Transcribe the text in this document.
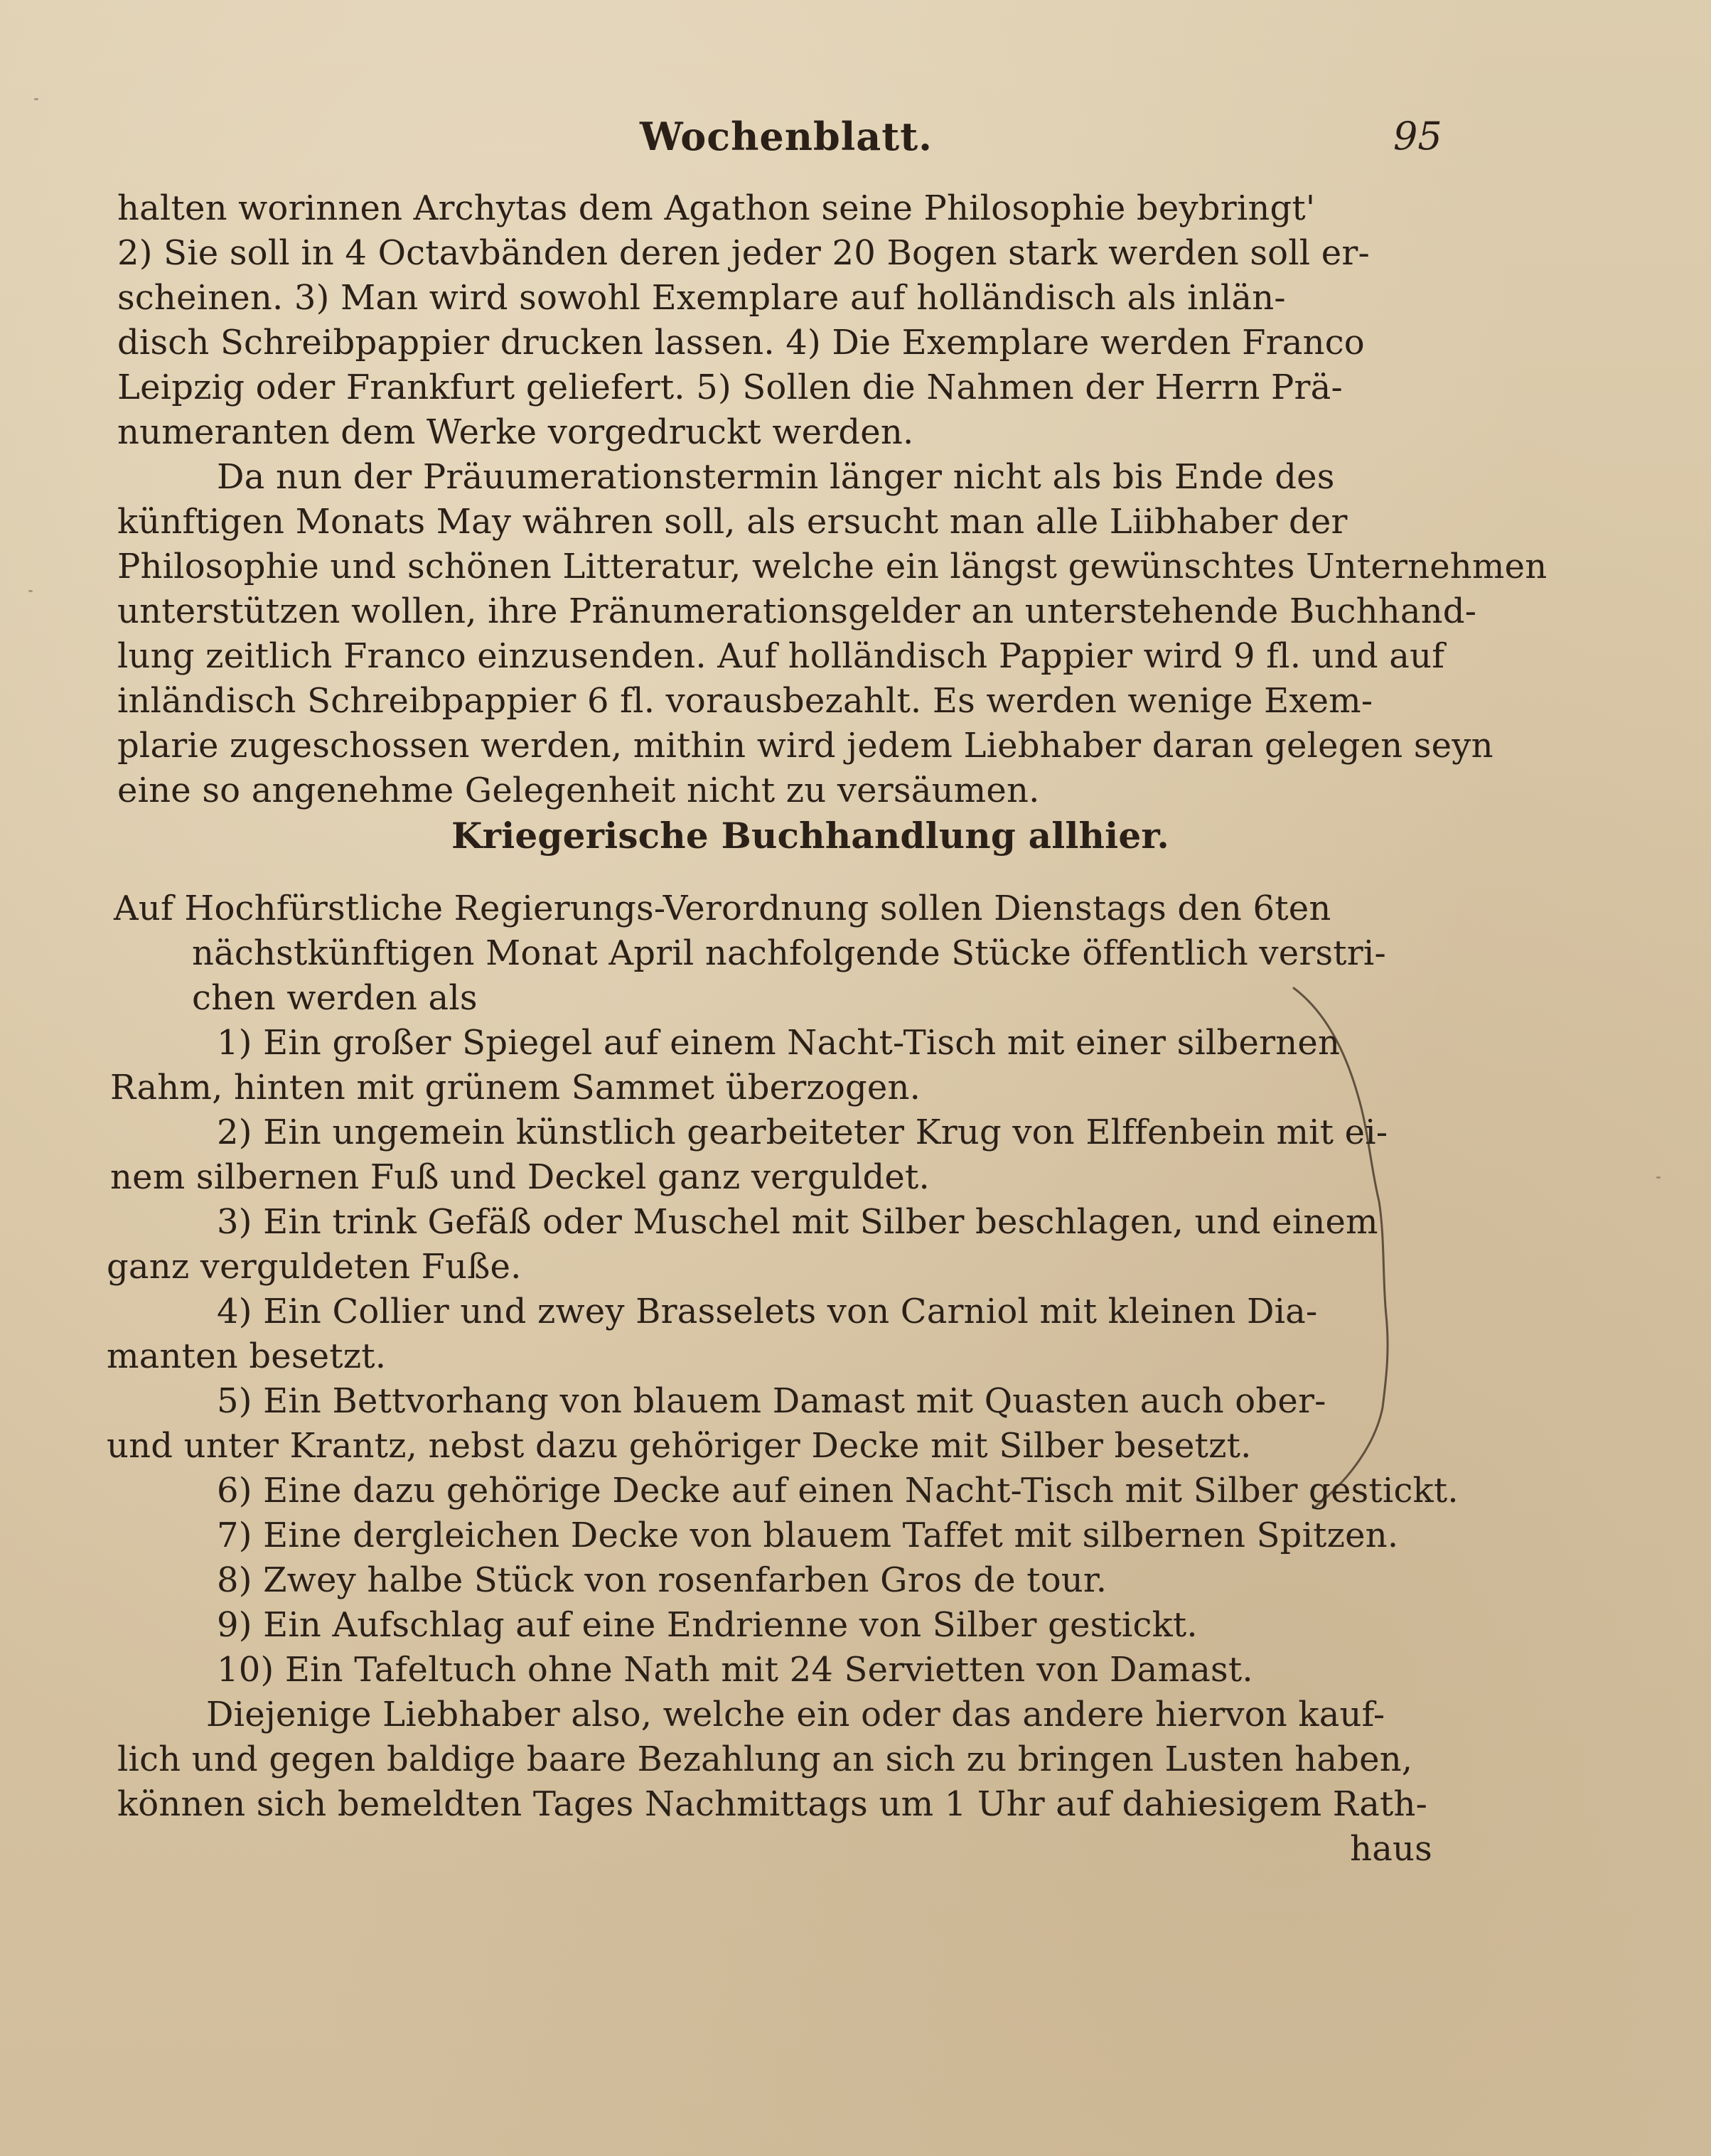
Wochenblatt.	95
halten worinnen Archytas dem Agathon seine Philosophie beybringt'
2) Sie soll in 4 Octavbänden deren jeder 20 Bogen stark werden soll er-
scheinen. 3) Man wird sowohl Exemplare auf holländisch als inlän-
disch Schreibpappier drucken lassen. 4) Die Exemplare werden Franco
Leipzig oder Frankfurt geliefert. 5) Sollen die Nahmen der Herrn Prä-
numeranten dem Werke vorgedruckt werden.
Da nun der Präuumerationstermin länger nicht als bis Ende des
künftigen Monats May währen soll, als ersucht man alle Liibhaber der
Philosophie und schönen Litteratur, welche ein längst gewünschtes Unternehmen
unterstützen wollen, ihre Pränumerationsgelder an unterstehende Buchhand-
lung zeitlich Franco einzusenden. Auf holländisch Pappier wird 9 fl. und auf
inländisch Schreibpappier 6 fl. vorausbezahlt. Es werden wenige Exem-
plarie zugeschossen werden, mithin wird jedem Liebhaber daran gelegen seyn
eine so angenehme Gelegenheit nicht zu versäumen.
Kriegerische Buchhandlung allhier.
Auf Hochfürstliche Regierungs-Verordnung sollen Dienstags den 6ten
nächstkünftigen Monat April nachfolgende Stücke öffentlich verstri-
chen werden als
1) Ein großer Spiegel auf einem Nacht-Tisch mit einer silbernen
Rahm, hinten mit grünem Sammet überzogen.
2) Ein ungemein künstlich gearbeiteter Krug von Elffenbein mit ei-
nem silbernen Fuß und Deckel ganz verguldet.
3) Ein trink Gefäß oder Muschel mit Silber beschlagen, und einem
ganz verguldeten Fuße.
4) Ein Collier und zwey Brasselets von Carniol mit kleinen Dia-
manten besetzt.
5) Ein Bettvorhang von blauem Damast mit Quasten auch ober-
und unter Krantz, nebst dazu gehöriger Decke mit Silber besetzt.
6) Eine dazu gehörige Decke auf einen Nacht-Tisch mit Silber gestickt.
7) Eine dergleichen Decke von blauem Taffet mit silbernen Spitzen.
8) Zwey halbe Stück von rosenfarben Gros de tour.
9) Ein Aufschlag auf eine Endrienne von Silber gestickt.
10) Ein Tafeltuch ohne Nath mit 24 Servietten von Damast.
Diejenige Liebhaber also, welche ein oder das andere hiervon kauf-
lich und gegen baldige baare Bezahlung an sich zu bringen Lusten haben,
können sich bemeldten Tages Nachmittags um 1 Uhr auf dahiesigem Rath-
haus
